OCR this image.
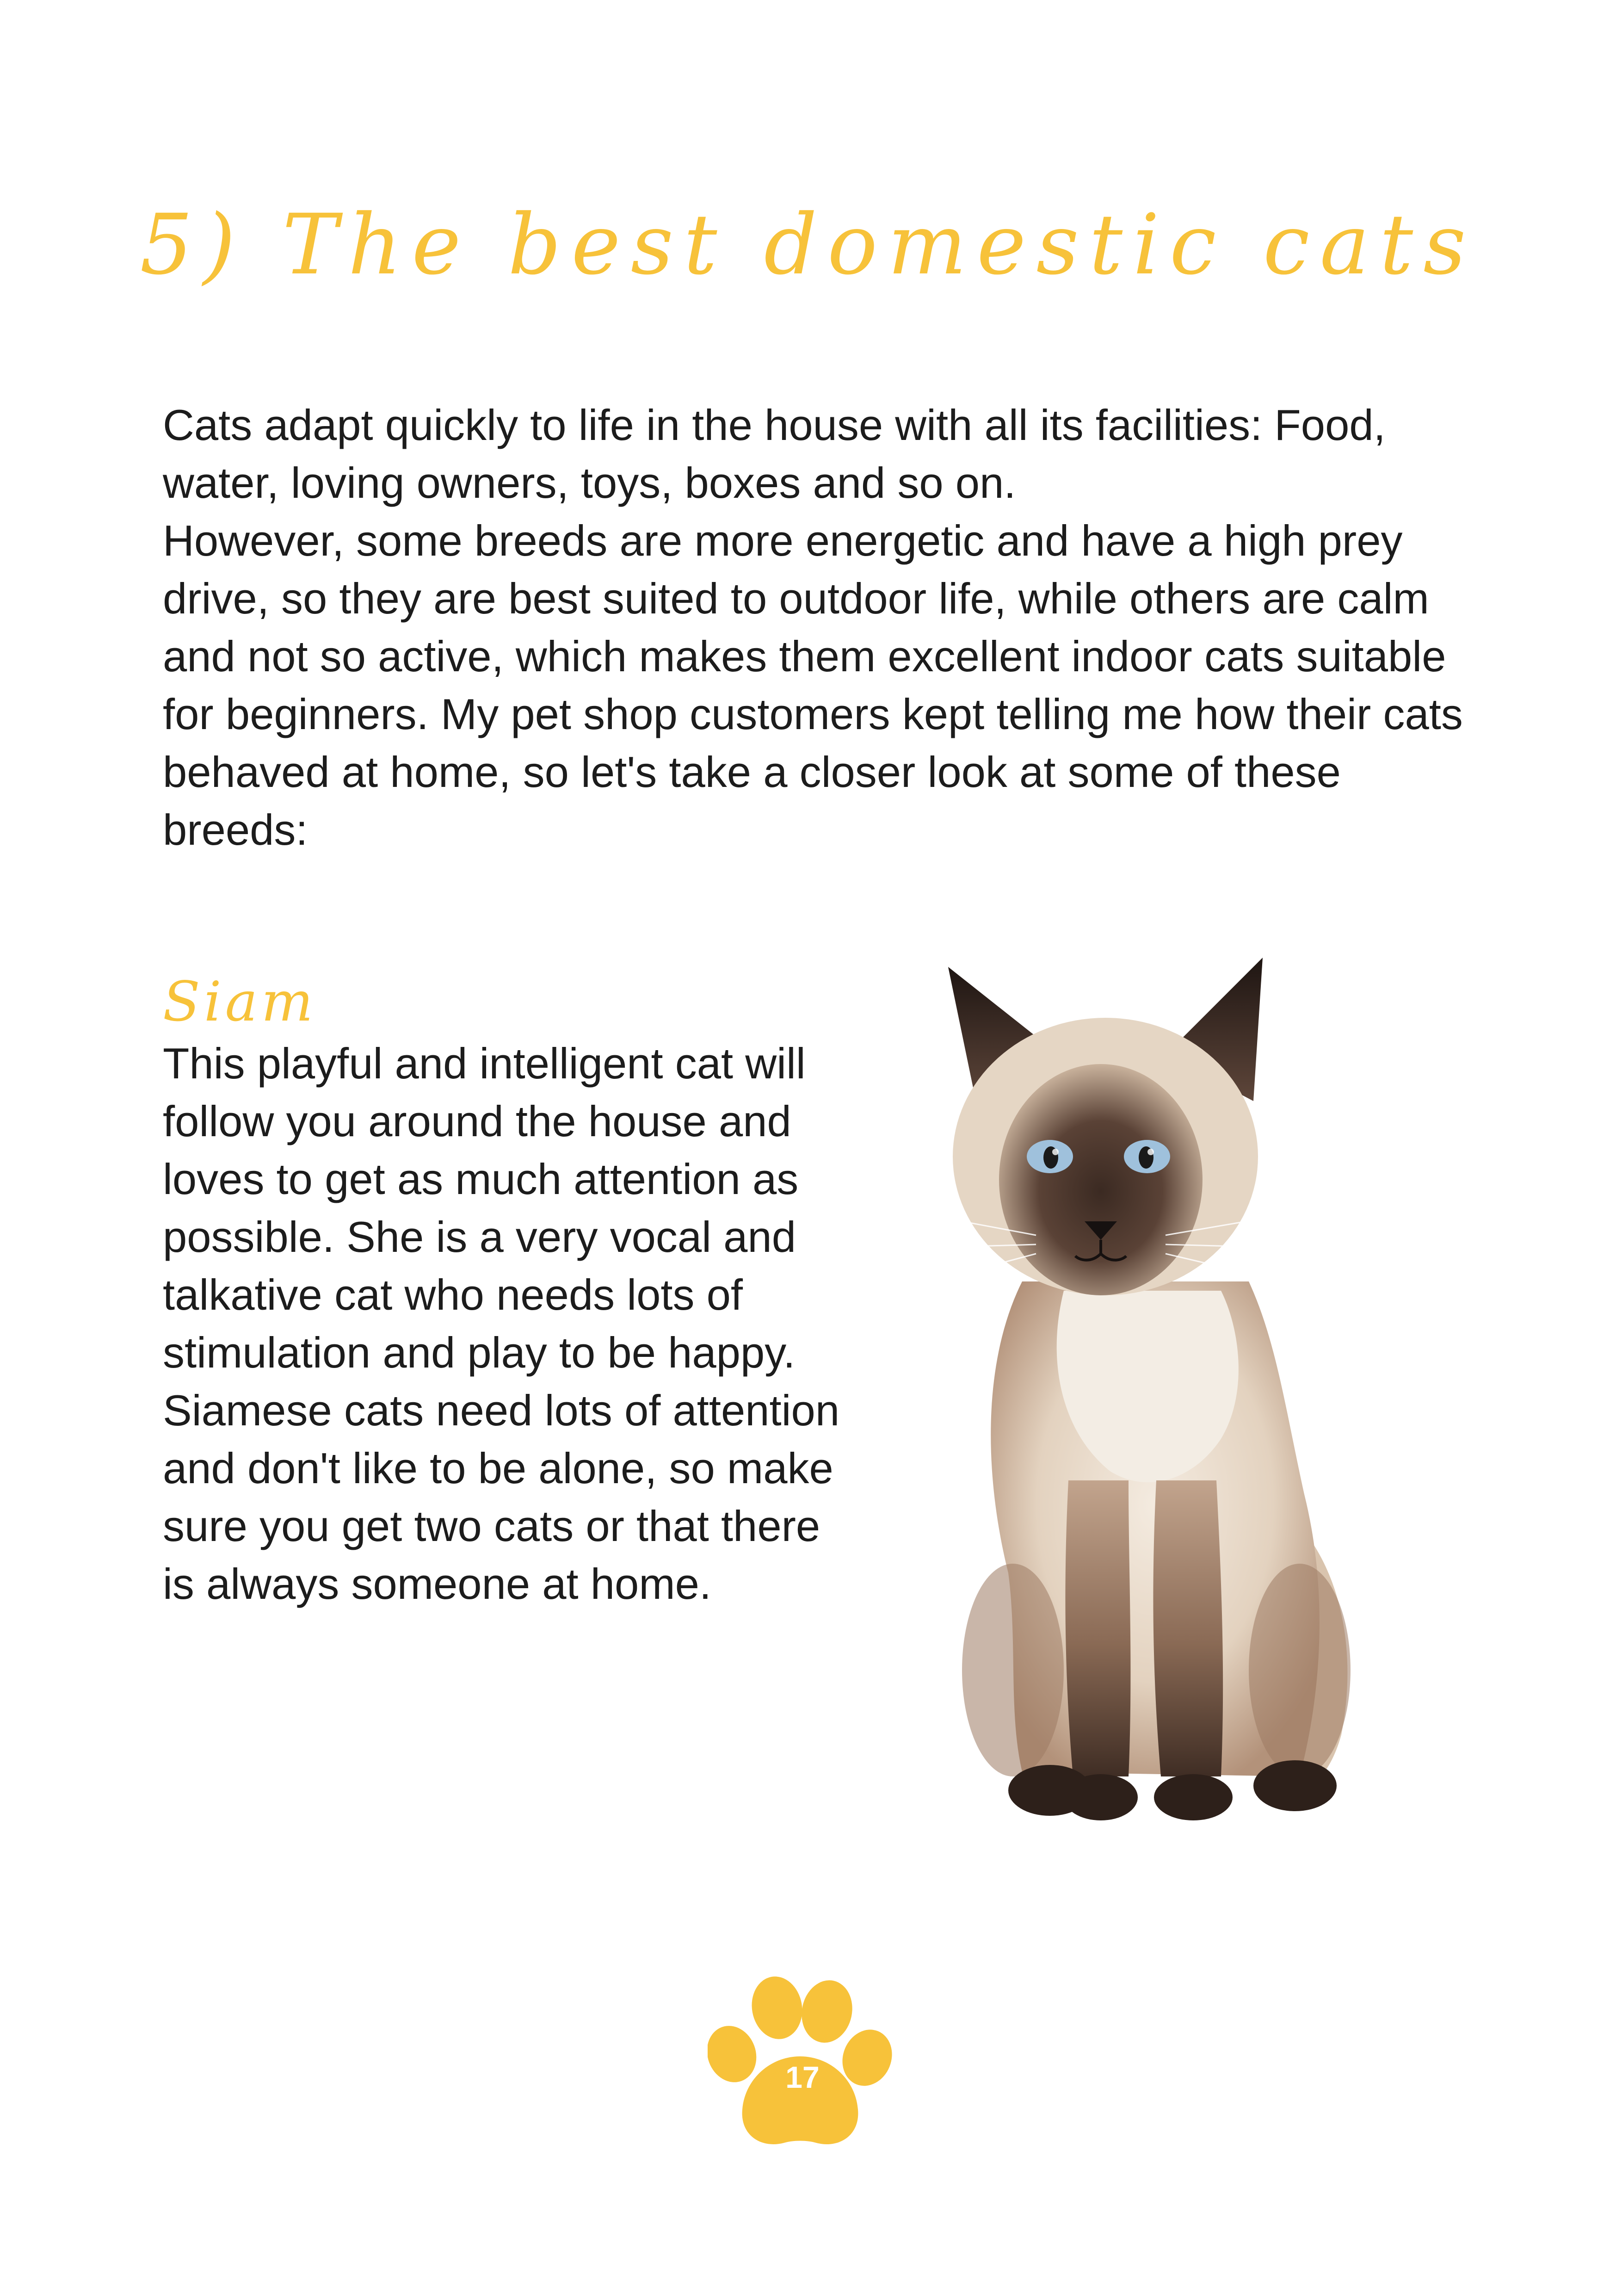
5) The best domestic cats

Cats adapt quickly to life in the house with all its facilities: Food, water, loving owners, toys, boxes and so on.

However, some breeds are more energetic and have a high prey drive, so they are best suited to outdoor life, while others are calm and not so active, which makes them excellent indoor cats suitable for beginners. My pet shop customers kept telling me how their cats behaved at home, so let's take a closer look at some of these breeds:

Siam

This playful and intelligent cat will follow you around the house and loves to get as much attention as possible. She is a very vocal and talkative cat who needs lots of stimulation and play to be happy. Siamese cats need lots of attention and don't like to be alone, so make sure you get two cats or that there is always someone at home.

17
